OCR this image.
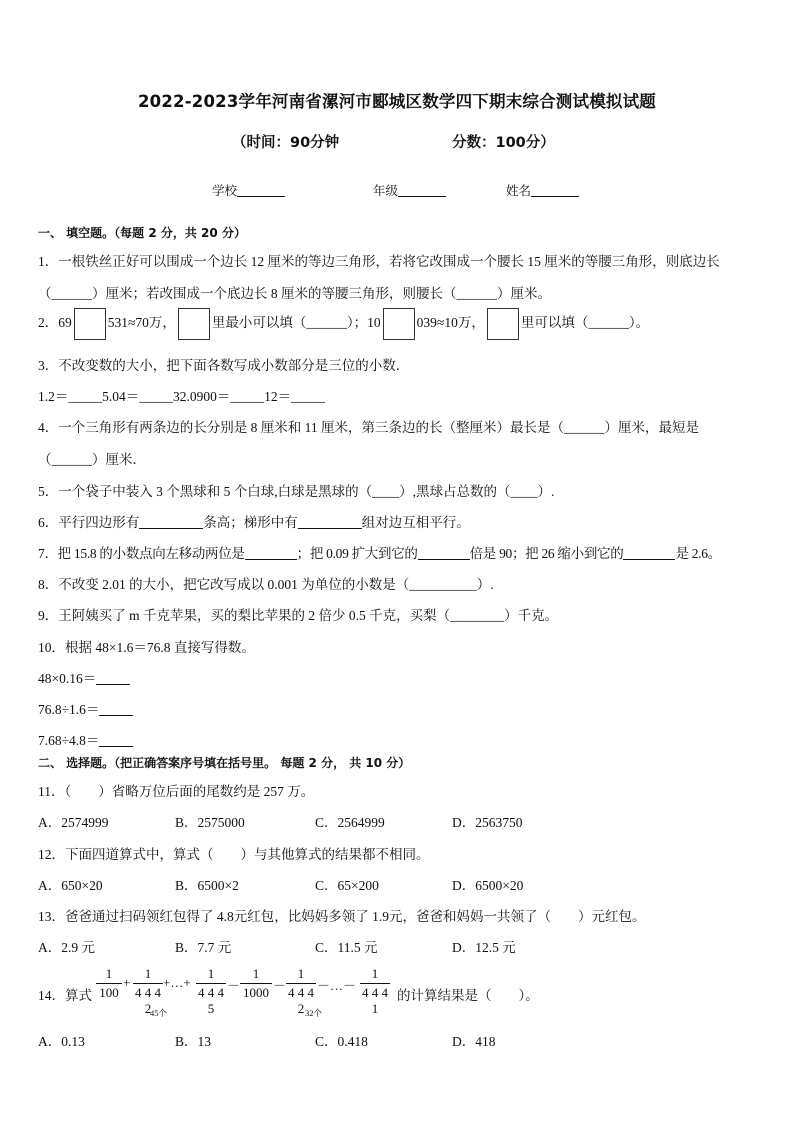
2022-2023学年河南省漯河市郾城区数学四下期末综合测试模拟试题
（时间：90分钟	分数：100分）
学校	年级	姓名
一、 填空题。（每题 2 分，共 20 分）
1．一根铁丝正好可以围成一个边长 12 厘米的等边三角形，若将它改围成一个腰长 15 厘米的等腰三角形，则底边长
（______）厘米；若改围成一个底边长 8 厘米的等腰三角形，则腰长（______）厘米。
2．69	531≈70万，	里最小可以填（______）；10	039≈10万，	里可以填（______）。
3．不改变数的大小，把下面各数写成小数部分是三位的小数．
1.2＝_____5.04＝_____32.0900＝_____12＝_____
4．一个三角形有两条边的长分别是 8 厘米和 11 厘米，第三条边的长（整厘米）最长是（______）厘米，最短是
（______）厘米．
5．一个袋子中装入 3 个黑球和 5 个白球,白球是黑球的（____）,黑球占总数的（____）.
6．平行四边形有	条高；梯形中有	组对边互相平行。
7．把 15.8 的小数点向左移动两位是	；把 0.09 扩大到它的	倍是 90；把 26 缩小到它的	是 2.6。
8．不改变 2.01 的大小，把它改写成以 0.001 为单位的小数是（__________）.
9．王阿姨买了 m 千克苹果，买的梨比苹果的 2 倍少 0.5 千克，买梨（________）千克。
10．根据 48×1.6＝76.8 直接写得数。
48×0.16＝
76.8÷1.6＝
7.68÷4.8＝
二、 选择题。（把正确答案序号填在括号里。 每题 2 分， 共 10 分）
11．（　　）省略万位后面的尾数约是 257 万。
A．2574999	B．2575000	C．2564999	D．2563750
12．下面四道算式中，算式（　　）与其他算式的结果都不相同。
A．650×20	B．6500×2	C．65×200	D．6500×20
13．爸爸通过扫码领红包得了 4.8元红包，比妈妈多领了 1.9元，爸爸和妈妈一共领了（　　）元红包。
A．2.9 元	B．7.7 元	C．11.5 元	D．12.5 元
14．算式
1
100
+
1
4 4 4 2
+…+
1
4 4 4 5
－
1
1000 －
1
4 4 4 2
－…－
1
4 4 4 1
45个	32个
的计算结果是（　　）。
A．0.13	B．13	C．0.418	D．418
